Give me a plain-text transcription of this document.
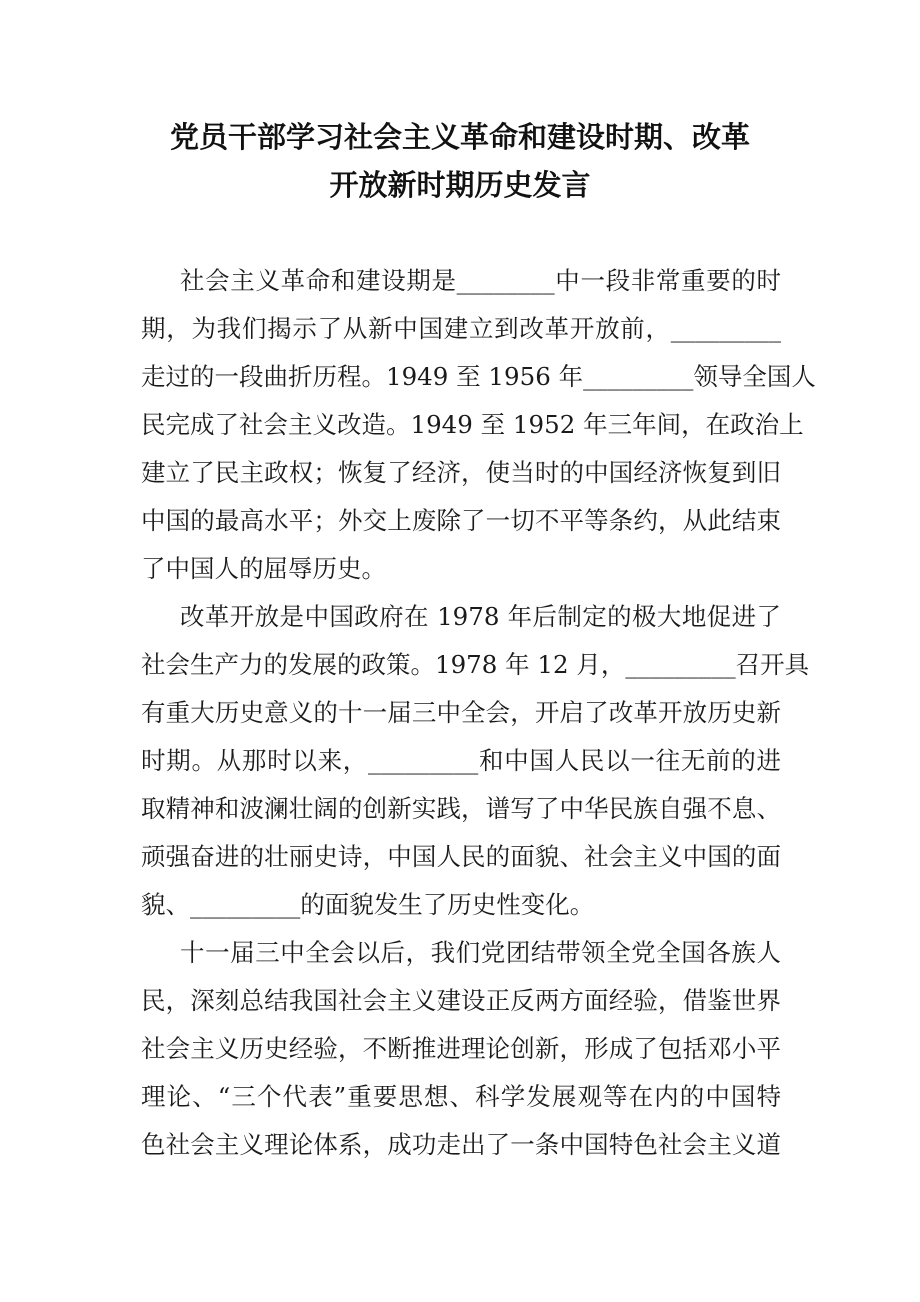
党员干部学习社会主义革命和建设时期、改革
开放新时期历史发言
社会主义革命和建设期是________中一段非常重要的时
期，为我们揭示了从新中国建立到改革开放前，_________
走过的一段曲折历程。1949 至 1956 年_________领导全国人
民完成了社会主义改造。1949 至 1952 年三年间，在政治上
建立了民主政权；恢复了经济，使当时的中国经济恢复到旧
中国的最高水平；外交上废除了一切不平等条约，从此结束
了中国人的屈辱历史。
改革开放是中国政府在 1978 年后制定的极大地促进了
社会生产力的发展的政策。1978 年 12 月，_________召开具
有重大历史意义的十一届三中全会，开启了改革开放历史新
时期。从那时以来，_________和中国人民以一往无前的进
取精神和波澜壮阔的创新实践，谱写了中华民族自强不息、
顽强奋进的壮丽史诗，中国人民的面貌、社会主义中国的面
貌、_________的面貌发生了历史性变化。
十一届三中全会以后，我们党团结带领全党全国各族人
民，深刻总结我国社会主义建设正反两方面经验，借鉴世界
社会主义历史经验，不断推进理论创新，形成了包括邓小平
理论、“三个代表”重要思想、科学发展观等在内的中国特
色社会主义理论体系，成功走出了一条中国特色社会主义道
